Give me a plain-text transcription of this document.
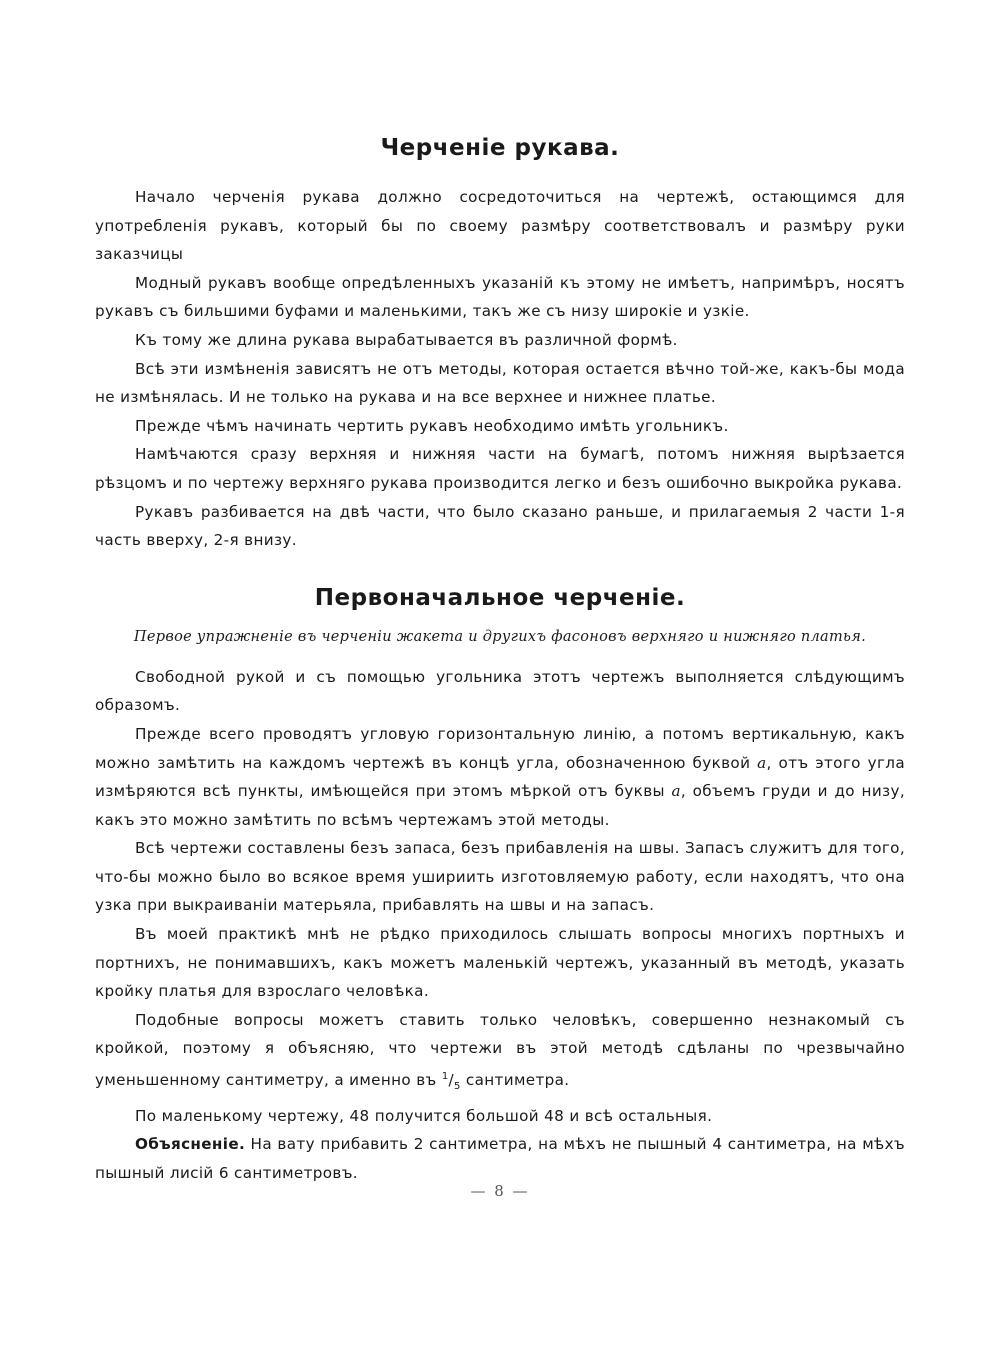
Черченіе рукава.

Начало черченія рукава должно сосредоточиться на чертежѣ, остающимся для употребленія рукавъ, который бы по своему размѣру соответствовалъ и размѣру руки заказчицы

Модный рукавъ вообще опредѣленныхъ указаній къ этому не имѣетъ, напримѣръ, носятъ рукавъ съ бильшими буфами и маленькими, такъ же съ низу широкіе и узкіе.

Къ тому же длина рукава вырабатывается въ различной формѣ.

Всѣ эти измѣненія зависятъ не отъ методы, которая остается вѣчно той-же, какъ-бы мода не измѣнялась. И не только на рукава и на все верхнее и нижнее платье.

Прежде чѣмъ начинать чертить рукавъ необходимо имѣть угольникъ.

Намѣчаются сразу верхняя и нижняя части на бумагѣ, потомъ нижняя вырѣзается рѣзцомъ и по чертежу верхняго рукава производится легко и безъ ошибочно выкройка рукава.

Рукавъ разбивается на двѣ части, что было сказано раньше, и прилагаемыя 2 части 1-я часть вверху, 2-я внизу.

Первоначальное черченіе.

Первое упражненіе въ черченіи жакета и другихъ фасоновъ верхняго и нижняго платья.

Свободной рукой и съ помощью угольника этотъ чертежъ выполняется слѣдующимъ образомъ.

Прежде всего проводятъ угловую горизонтальную линію, а потомъ вертикальную, какъ можно замѣтить на каждомъ чертежѣ въ концѣ угла, обозначенною буквой a, отъ этого угла измѣряются всѣ пункты, имѣющейся при этомъ мѣркой отъ буквы a, объемъ груди и до низу, какъ это можно замѣтить по всѣмъ чертежамъ этой методы.

Всѣ чертежи составлены безъ запаса, безъ прибавленія на швы. Запасъ служитъ для того, что-бы можно было во всякое время ушириить изготовляемую работу, если находятъ, что она узка при выкраиваніи матерьяла, прибавлять на швы и на запасъ.

Въ моей практикѣ мнѣ не рѣдко приходилось слышать вопросы многихъ портныхъ и портнихъ, не понимавшихъ, какъ можетъ маленькій чертежъ, указанный въ методѣ, указать кройку платья для взрослаго человѣка.

Подобные вопросы можетъ ставить только человѣкъ, совершенно незнакомый съ кройкой, поэтому я объясняю, что чертежи въ этой методѣ сдѣланы по чрезвычайно уменьшенному сантиметру, а именно въ $^1/_5$ сантиметра.

По маленькому чертежу, 48 получится большой 48 и всѣ остальныя.

Объясненіе. На вату прибавить 2 сантиметра, на мѣхъ не пышный 4 сантиметра, на мѣхъ пышный лисій 6 сантиметровъ.

— 8 —
